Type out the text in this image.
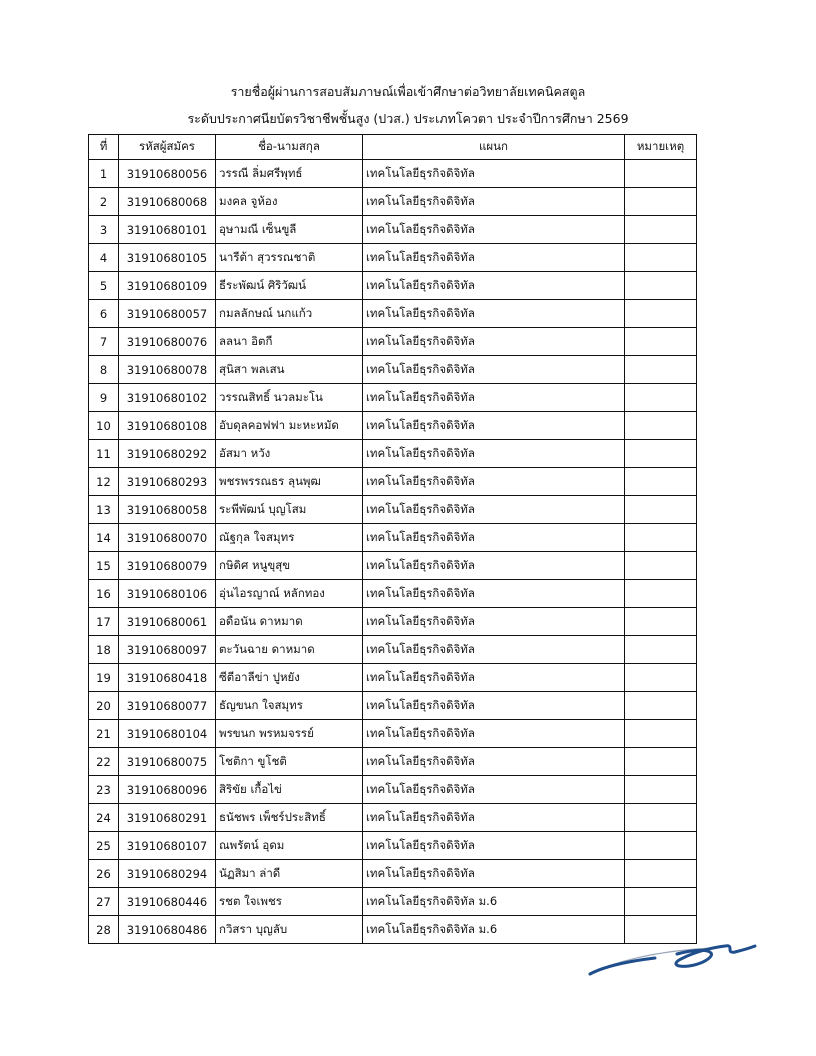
รายชื่อผู้ผ่านการสอบสัมภาษณ์เพื่อเข้าศึกษาต่อวิทยาลัยเทคนิคสตูล
ระดับประกาศนียบัตรวิชาชีพชั้นสูง (ปวส.) ประเภทโควตา ประจำปีการศึกษา 2569
ที่	รหัสผู้สมัคร	ชื่อ-นามสกุล	แผนก	หมายเหตุ
1	31910680056	วรรณี ลิ่มศรีพุทธ์	เทคโนโลยีธุรกิจดิจิทัล	
2	31910680068	มงคล จูห้อง	เทคโนโลยีธุรกิจดิจิทัล	
3	31910680101	อุษามณี เซ็นขูลี	เทคโนโลยีธุรกิจดิจิทัล	
4	31910680105	นารีต้า สุวรรณชาติ	เทคโนโลยีธุรกิจดิจิทัล	
5	31910680109	ธีระพัฒน์ ศิริวัฒน์	เทคโนโลยีธุรกิจดิจิทัล	
6	31910680057	กมลลักษณ์ นกแก้ว	เทคโนโลยีธุรกิจดิจิทัล	
7	31910680076	ลลนา อิตกี	เทคโนโลยีธุรกิจดิจิทัล	
8	31910680078	สุนิสา พลเสน	เทคโนโลยีธุรกิจดิจิทัล	
9	31910680102	วรรณสิทธิ์ นวลมะโน	เทคโนโลยีธุรกิจดิจิทัล	
10	31910680108	อับดุลคอฟฟา มะหะหมัด	เทคโนโลยีธุรกิจดิจิทัล	
11	31910680292	อัสมา หวัง	เทคโนโลยีธุรกิจดิจิทัล	
12	31910680293	พชรพรรณธร ลุนพุฒ	เทคโนโลยีธุรกิจดิจิทัล	
13	31910680058	ระพีพัฒน์ บุญโสม	เทคโนโลยีธุรกิจดิจิทัล	
14	31910680070	ณัฐกุล ใจสมุทร	เทคโนโลยีธุรกิจดิจิทัล	
15	31910680079	กษิดิศ หนูขุสุข	เทคโนโลยีธุรกิจดิจิทัล	
16	31910680106	อุ่นไอรญาณ์ หลักทอง	เทคโนโลยีธุรกิจดิจิทัล	
17	31910680061	อดือนัน ดาหมาด	เทคโนโลยีธุรกิจดิจิทัล	
18	31910680097	ตะวันฉาย ดาหมาด	เทคโนโลยีธุรกิจดิจิทัล	
19	31910680418	ซีตีอาลีข่า ปูหยัง	เทคโนโลยีธุรกิจดิจิทัล	
20	31910680077	ธัญขนก ใจสมุทร	เทคโนโลยีธุรกิจดิจิทัล	
21	31910680104	พรขนก พรหมจรรย์	เทคโนโลยีธุรกิจดิจิทัล	
22	31910680075	โชติกา ขูโชติ	เทคโนโลยีธุรกิจดิจิทัล	
23	31910680096	สิริขัย เกื้อไข่	เทคโนโลยีธุรกิจดิจิทัล	
24	31910680291	ธนัชพร เพ็ชร์ประสิทธิ์	เทคโนโลยีธุรกิจดิจิทัล	
25	31910680107	ณพรัตน์ อุดม	เทคโนโลยีธุรกิจดิจิทัล	
26	31910680294	นัฏสิมา ล่าดี	เทคโนโลยีธุรกิจดิจิทัล	
27	31910680446	รชต ใจเพชร	เทคโนโลยีธุรกิจดิจิทัล ม.6	
28	31910680486	กวิสรา บุญลับ	เทคโนโลยีธุรกิจดิจิทัล ม.6	
